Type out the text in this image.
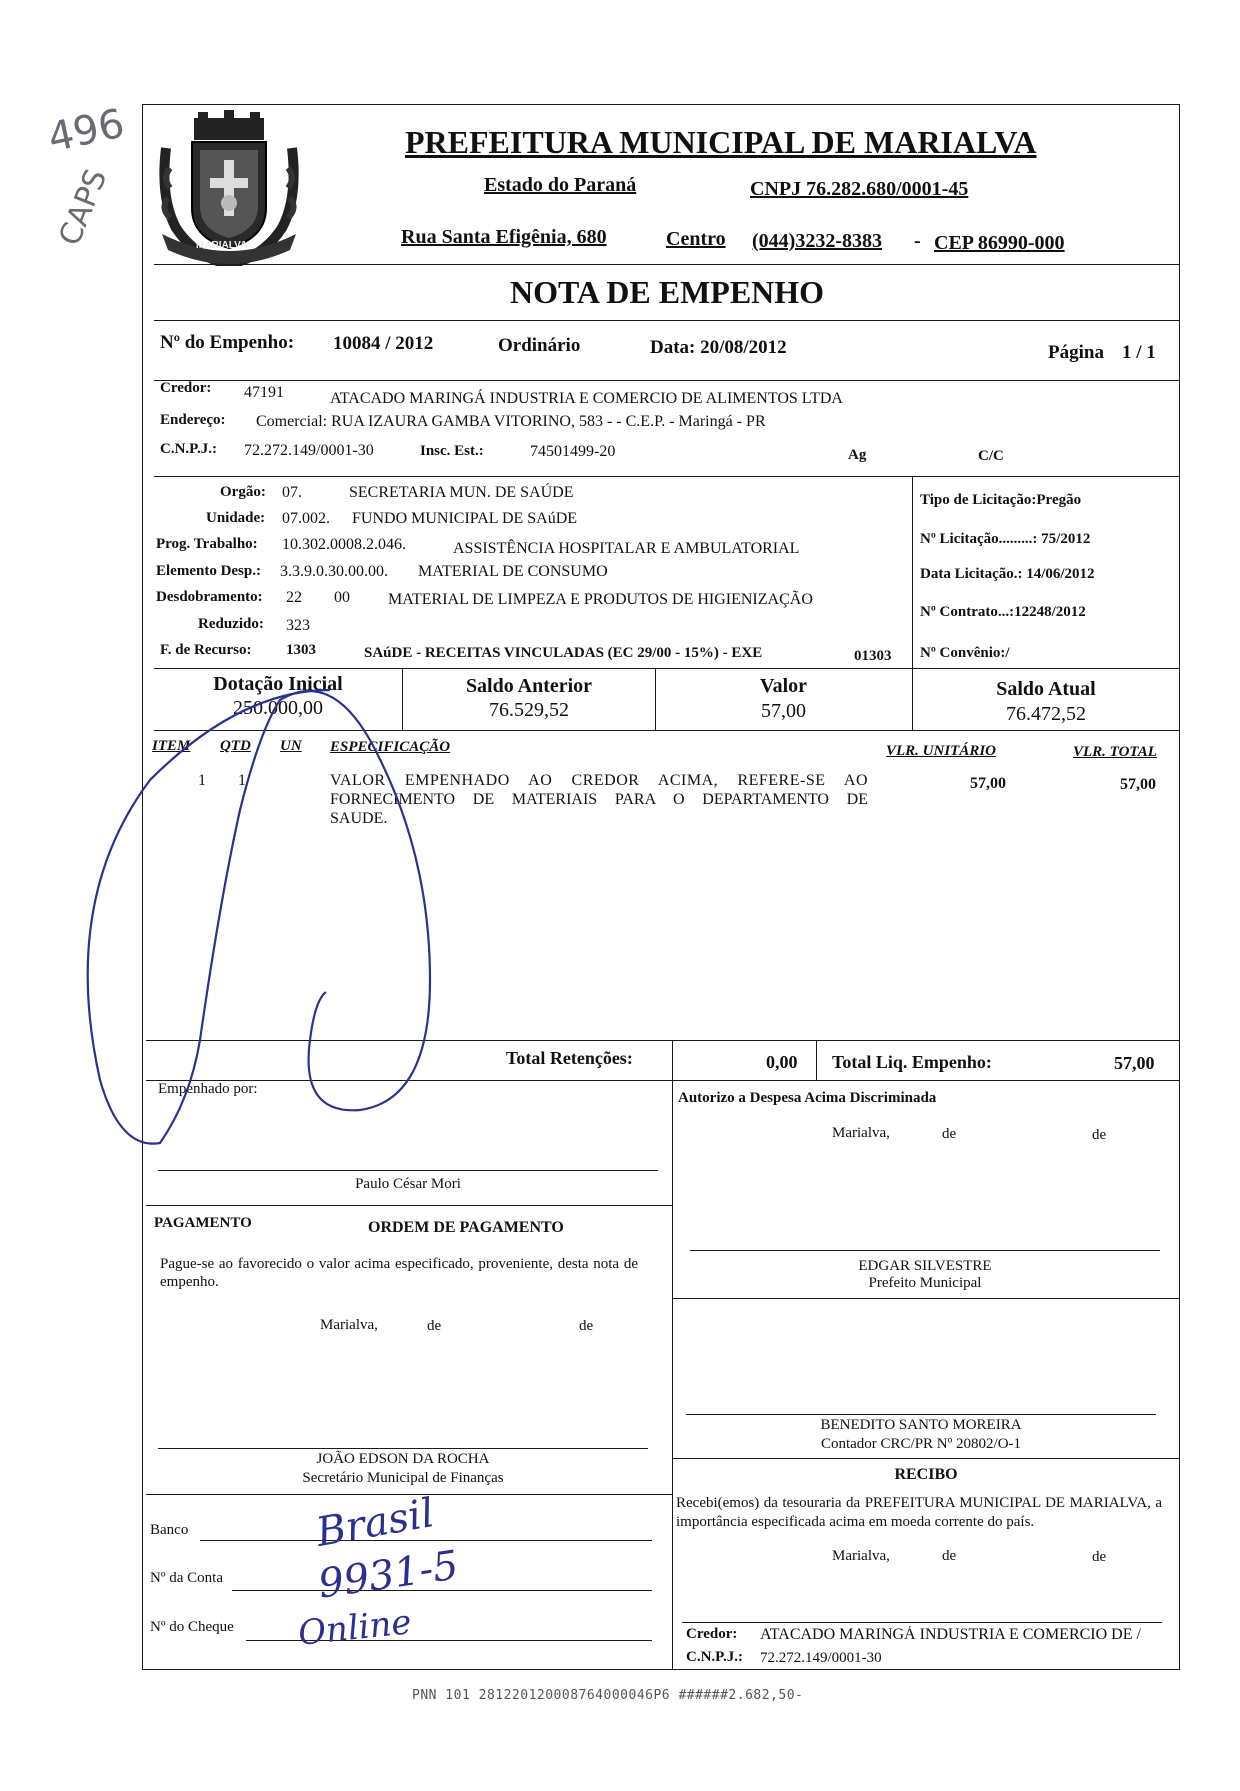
496
CAPS	MARIALVA
PREFEITURA MUNICIPAL DE MARIALVA
Estado do Paraná	CNPJ 76.282.680/0001-45
Rua Santa Efigênia, 680	Centro (044)3232-8383 - CEP 86990-000
NOTA DE EMPENHO
Nº do Empenho: 10084 / 2012	Ordinário	Data: 20/08/2012	Página 1 / 1
Credor: 47191	ATACADO MARINGÁ INDUSTRIA E COMERCIO DE ALIMENTOS LTDA
Endereço: Comercial: RUA IZAURA GAMBA VITORINO, 583 - - C.E.P. - Maringá - PR
C.N.P.J.: 72.272.149/0001-30	Insc. Est.:	74501499-20	Ag	C/C
Orgão: 07.	SECRETARIA MUN. DE SAÚDE
Unidade: 07.002. FUNDO MUNICIPAL DE SAúDE
Prog. Trabalho: 10.302.0008.2.046.	ASSISTÊNCIA HOSPITALAR E AMBULATORIAL
Elemento Desp.: 3.3.9.0.30.00.00. MATERIAL DE CONSUMO
Desdobramento: 22 00 MATERIAL DE LIMPEZA E PRODUTOS DE HIGIENIZAÇÃO
Reduzido: 323
F. de Recurso: 1303	SAúDE - RECEITAS VINCULADAS (EC 29/00 - 15%) - EXE	01303
Tipo de Licitação:Pregão
Nº Licitação.........: 75/2012
Data Licitação.: 14/06/2012
Nº Contrato...:12248/2012
Nº Convênio:/
Dotação Inicial
250.000,00
Saldo Anterior
76.529,52
Valor
57,00
Saldo Atual
76.472,52
ITEM QTD UN ESPECIFICAÇÃO	VLR. UNITÁRIO	VLR. TOTAL
1 1	VALOR EMPENHADO AO CREDOR ACIMA, REFERE-SE AO
FORNECIMENTO DE MATERIAIS PARA O DEPARTAMENTO DE
SAUDE.
57,00	57,00
Total Retenções:	0,00 Total Liq. Empenho:	57,00
Empenhado por:
Paulo César Mori
Autorizo a Despesa Acima Discriminada
Marialva,	de	de
EDGAR SILVESTRE
Prefeito Municipal
PAGAMENTO	ORDEM DE PAGAMENTO
Pague-se ao favorecido o valor acima especificado, proveniente, desta nota de empenho.
Marialva,	de	de
JOÃO EDSON DA ROCHA
Secretário Municipal de Finanças
BENEDITO SANTO MOREIRA
Contador CRC/PR Nº 20802/O-1
RECIBO
Recebi(emos) da tesouraria da PREFEITURA MUNICIPAL DE MARIALVA, a importância especificada acima em moeda corrente do país.
Marialva,	de	de
Credor: ATACADO MARINGÁ INDUSTRIA E COMERCIO DE /
C.N.P.J.: 72.272.149/0001-30
Banco	Brasil
Nº da Conta 9931-5
Nº do Cheque Online
PNN 101 281220120008764000046P6 ######2.682,50-
